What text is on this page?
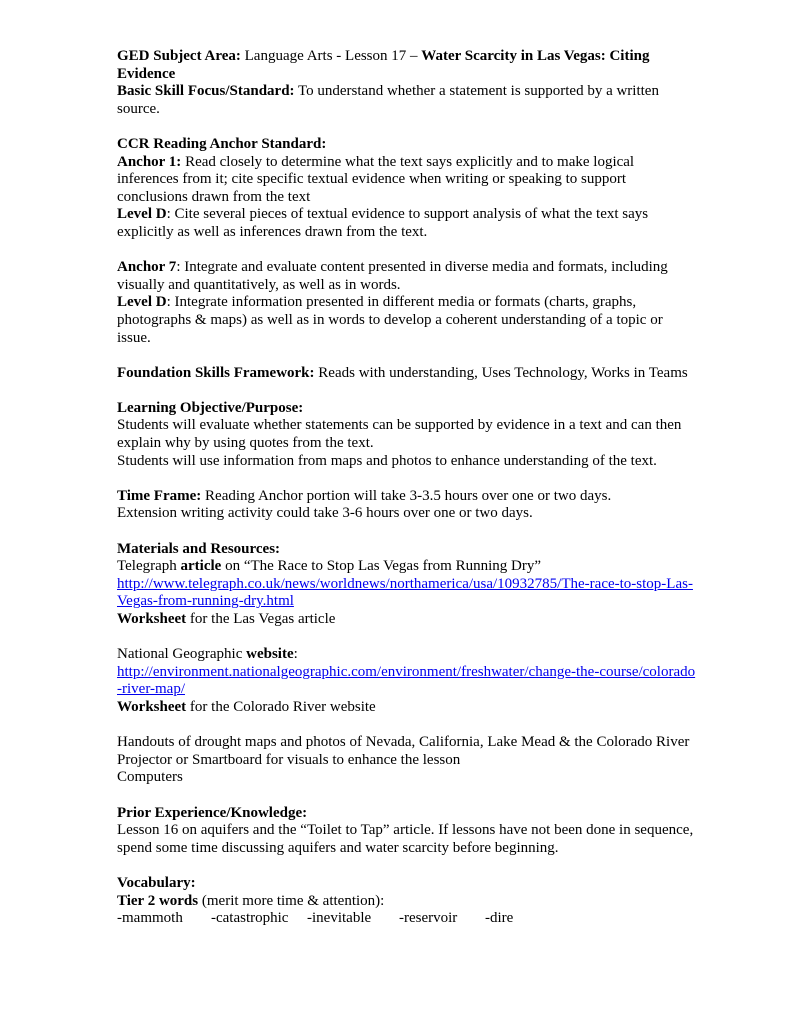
GED Subject Area: Language Arts - Lesson 17 – Water Scarcity in Las Vegas: Citing Evidence

Basic Skill Focus/Standard: To understand whether a statement is supported by a written source.

CCR Reading Anchor Standard:

Anchor 1: Read closely to determine what the text says explicitly and to make logical inferences from it; cite specific textual evidence when writing or speaking to support conclusions drawn from the text

Level D: Cite several pieces of textual evidence to support analysis of what the text says explicitly as well as inferences drawn from the text.

Anchor 7: Integrate and evaluate content presented in diverse media and formats, including visually and quantitatively, as well as in words.

Level D: Integrate information presented in different media or formats (charts, graphs, photographs & maps) as well as in words to develop a coherent understanding of a topic or issue.

Foundation Skills Framework: Reads with understanding, Uses Technology, Works in Teams

Learning Objective/Purpose:

Students will evaluate whether statements can be supported by evidence in a text and can then explain why by using quotes from the text.

Students will use information from maps and photos to enhance understanding of the text.

Time Frame: Reading Anchor portion will take 3-3.5 hours over one or two days.

Extension writing activity could take 3-6 hours over one or two days.

Materials and Resources:

Telegraph article on “The Race to Stop Las Vegas from Running Dry”

http://www.telegraph.co.uk/news/worldnews/northamerica/usa/10932785/The-race-to-stop-Las-Vegas-from-running-dry.html

Worksheet for the Las Vegas article

National Geographic website:

http://environment.nationalgeographic.com/environment/freshwater/change-the-course/colorado-river-map/

Worksheet for the Colorado River website

Handouts of drought maps and photos of Nevada, California, Lake Mead & the Colorado River

Projector or Smartboard for visuals to enhance the lesson

Computers

Prior Experience/Knowledge:

Lesson 16 on aquifers and the “Toilet to Tap” article. If lessons have not been done in sequence, spend some time discussing aquifers and water scarcity before beginning.

Vocabulary:

Tier 2 words (merit more time & attention):

-mammoth -catastrophic -inevitable -reservoir -dire
